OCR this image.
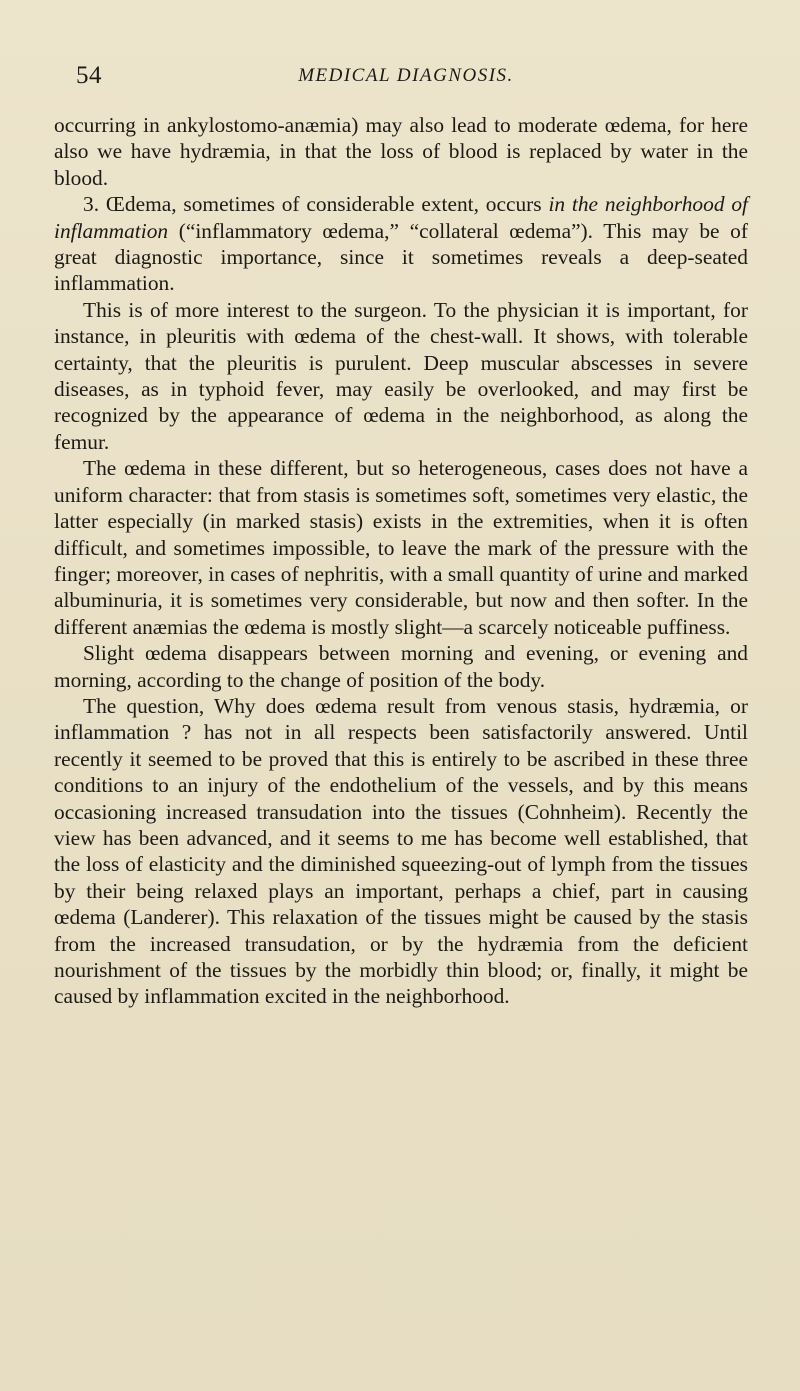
54	MEDICAL DIAGNOSIS.

occurring in ankylostomo-anæmia) may also lead to moderate œdema, for here also we have hydræmia, in that the loss of blood is replaced by water in the blood.

3. Œdema, sometimes of considerable extent, occurs in the neighborhood of inflammation (“inflammatory œdema,” “collateral œdema”). This may be of great diagnostic importance, since it sometimes reveals a deep-seated inflammation.

This is of more interest to the surgeon. To the physician it is important, for instance, in pleuritis with œdema of the chest-wall. It shows, with tolerable certainty, that the pleuritis is purulent. Deep muscular abscesses in severe diseases, as in typhoid fever, may easily be overlooked, and may first be recognized by the appearance of œdema in the neighborhood, as along the femur.

The œdema in these different, but so heterogeneous, cases does not have a uniform character: that from stasis is sometimes soft, sometimes very elastic, the latter especially (in marked stasis) exists in the extremities, when it is often difficult, and sometimes impossible, to leave the mark of the pressure with the finger; moreover, in cases of nephritis, with a small quantity of urine and marked albuminuria, it is sometimes very considerable, but now and then softer. In the different anæmias the œdema is mostly slight—a scarcely noticeable puffiness.

Slight œdema disappears between morning and evening, or evening and morning, according to the change of position of the body.

The question, Why does œdema result from venous stasis, hydræmia, or inflammation ? has not in all respects been satisfactorily answered. Until recently it seemed to be proved that this is entirely to be ascribed in these three conditions to an injury of the endothelium of the vessels, and by this means occasioning increased transudation into the tissues (Cohnheim). Recently the view has been advanced, and it seems to me has become well established, that the loss of elasticity and the diminished squeezing-out of lymph from the tissues by their being relaxed plays an important, perhaps a chief, part in causing œdema (Landerer). This relaxation of the tissues might be caused by the stasis from the increased transudation, or by the hydræmia from the deficient nourishment of the tissues by the morbidly thin blood; or, finally, it might be caused by inflammation excited in the neighborhood.
